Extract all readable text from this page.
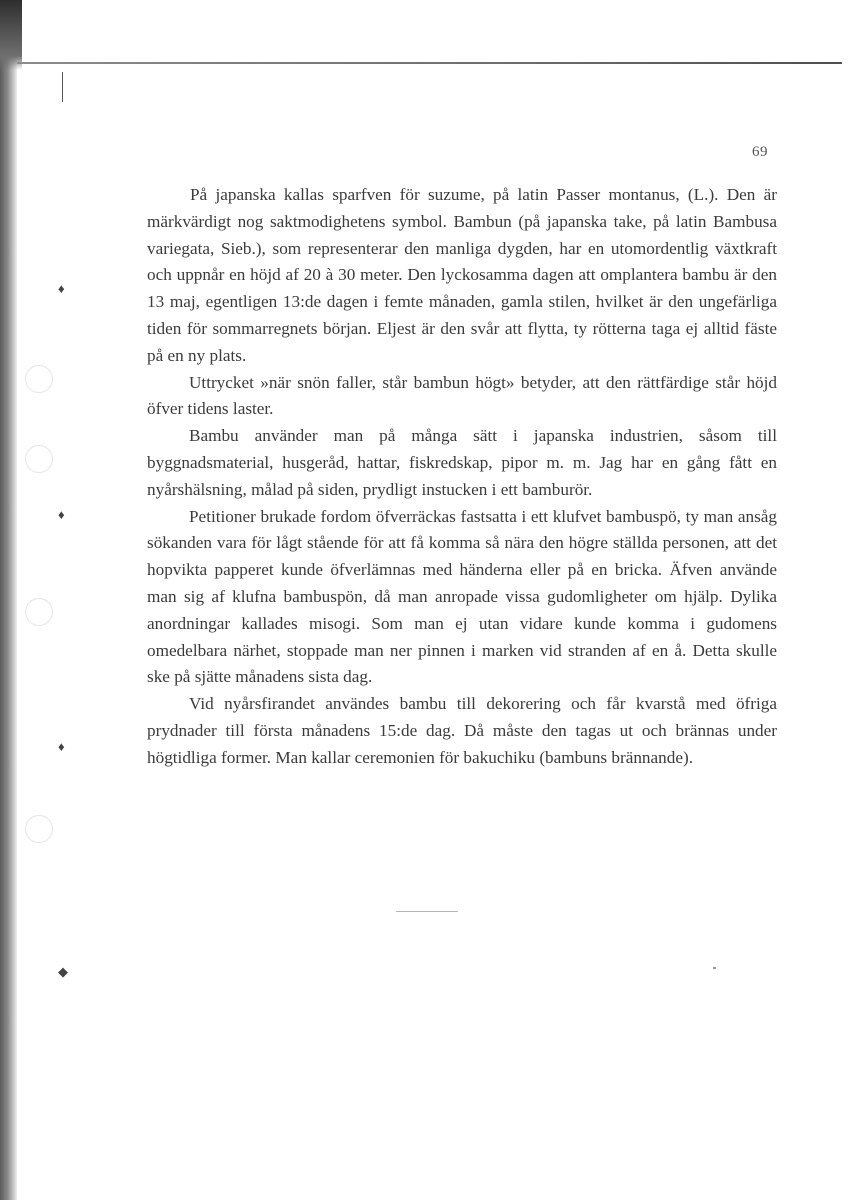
♦
♦
♦
◆
69

På japanska kallas sparfven för suzume, på latin Passer montanus, (L.). Den är märkvärdigt nog saktmodighetens symbol. Bambun (på japanska take, på latin Bambusa variegata, Sieb.), som representerar den manliga dygden, har en utomordentlig växtkraft och uppnår en höjd af 20 à 30 meter. Den lyckosamma dagen att omplantera bambu är den 13 maj, egentligen 13:de dagen i femte månaden, gamla stilen, hvilket är den ungefärliga tiden för sommarregnets början. Eljest är den svår att flytta, ty rötterna taga ej alltid fäste på en ny plats.

Uttrycket »när snön faller, står bambun högt» betyder, att den rättfärdige står höjd öfver tidens laster.

Bambu använder man på många sätt i japanska industrien, såsom till byggnadsmaterial, husgeråd, hattar, fiskredskap, pipor m. m. Jag har en gång fått en nyårshälsning, målad på siden, prydligt instucken i ett bamburör.

Petitioner brukade fordom öfverräckas fastsatta i ett klufvet bambuspö, ty man ansåg sökanden vara för lågt stående för att få komma så nära den högre ställda personen, att det hopvikta papperet kunde öfverlämnas med händerna eller på en bricka. Äfven använde man sig af klufna bambuspön, då man anropade vissa gudomligheter om hjälp. Dylika anordningar kallades misogi. Som man ej utan vidare kunde komma i gudomens omedelbara närhet, stoppade man ner pinnen i marken vid stranden af en å. Detta skulle ske på sjätte månadens sista dag.

Vid nyårsfirandet användes bambu till dekorering och får kvarstå med öfriga prydnader till första månadens 15:de dag. Då måste den tagas ut och brännas under högtidliga former. Man kallar ceremonien för bakuchiku (bambuns brännande).
